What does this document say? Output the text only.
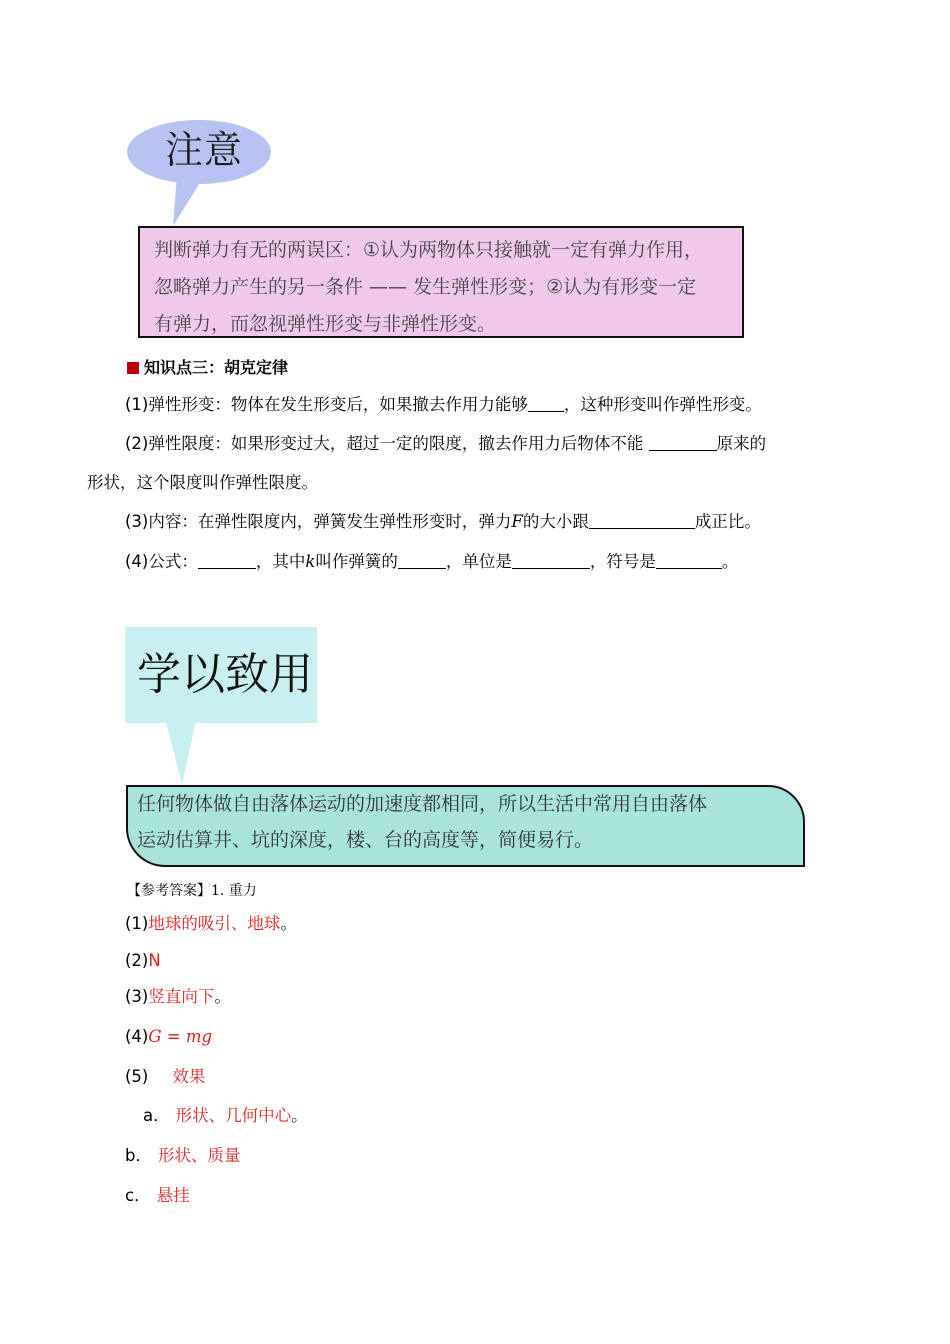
注意
判断弹力有无的两误区：①认为两物体只接触就一定有弹力作用，
忽略弹力产生的另一条件 —— 发生弹性形变；②认为有形变一定
有弹力，而忽视弹性形变与非弹性形变。
知识点三：胡克定律
(1)弹性形变：物体在发生形变后，如果撤去作用力能够 ，这种形变叫作弹性形变。
(2)弹性限度：如果形变过大，超过一定的限度，撤去作用力后物体不能	原来的
形状，这个限度叫作弹性限度。
(3)内容：在弹性限度内，弹簧发生弹性形变时，弹力F的大小跟	成正比。
(4)公式：	，其中k叫作弹簧的	，单位是	，符号是	。
学以致用
任何物体做自由落体运动的加速度都相同，所以生活中常用自由落体
运动估算井、坑的深度，楼、台的高度等，简便易行。
【参考答案】1. 重力
(1)地球的吸引、地球。
(2)N
(3)竖直向下。
(4)G = mg
(5) 效果
a． 形状、几何中心。
b． 形状、质量
c． 悬挂
